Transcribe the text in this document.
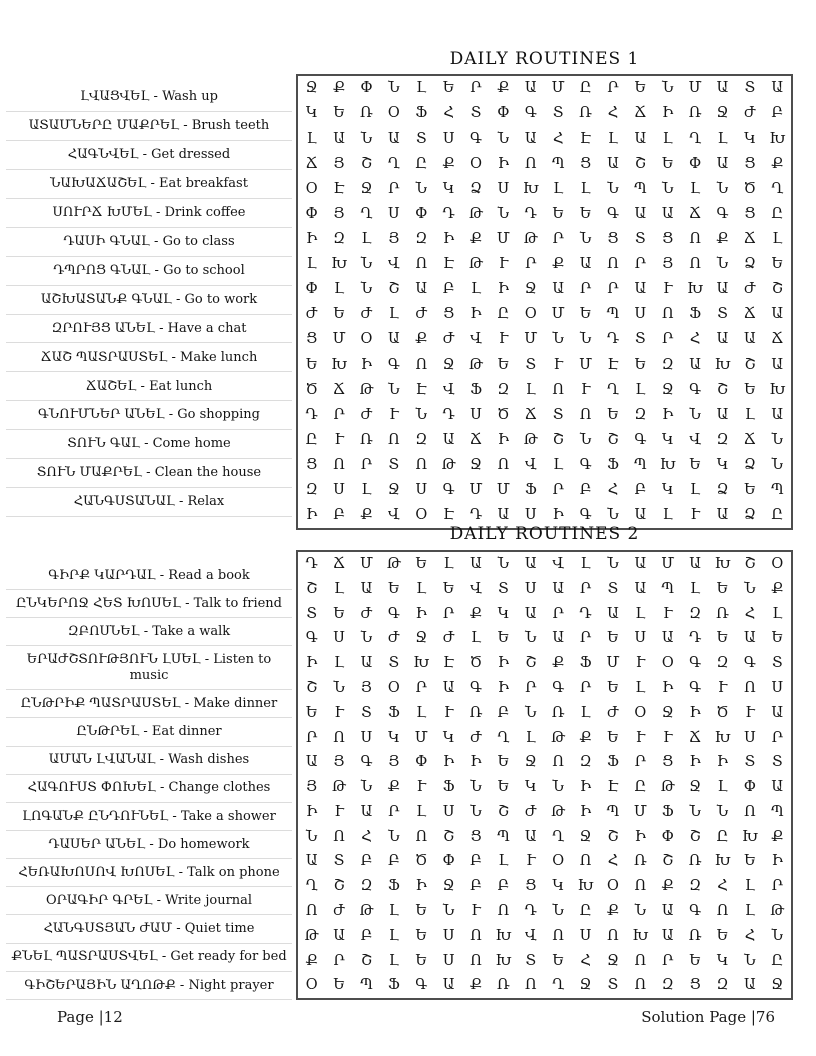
DAILY ROUTINES 1
ԼՎԱՑՎԵԼ - Wash up
ԱՏԱՄՆԵՐԸ ՄԱՔՐԵԼ - Brush teeth
ՀԱԳՆՎԵԼ - Get dressed
ՆԱԽԱՃԱՇԵԼ - Eat breakfast
ՍՈՒՐՃ ԽՄԵԼ - Drink coffee
ԴԱՍԻ ԳՆԱԼ - Go to class
ԴՊՐՈՑ ԳՆԱԼ - Go to school
ԱՇԽԱՏԱՆՔ ԳՆԱԼ - Go to work
ԶՐՈՒՅՑ ԱՆԵԼ - Have a chat
ՃԱՇ ՊԱՏՐԱՍՏԵԼ - Make lunch
ՃԱՇԵԼ - Eat lunch
ԳՆՈՒՄՆԵՐ ԱՆԵԼ - Go shopping
ՏՈՒՆ ԳԱԼ - Come home
ՏՈՒՆ ՄԱՔՐԵԼ - Clean the house
ՀԱՆԳՍՏԱՆԱԼ - Relax
Ջ	Ք	Փ	Ն	Լ	Ե	Ր	Ք	Ա	Մ	Ը	Ր	Ե	Ն	Մ	Ա	Տ	Ա
Կ	Ե	Ռ	Օ	Ֆ	Հ	Տ	Փ	Գ	Տ	Ռ	Հ	Ճ	Ի	Ռ	Ջ	Ժ	Բ
Լ	Ա	Ն	Ա	Տ	Ս	Գ	Ն	Ա	Հ	Է	Լ	Ա	Լ	Ղ	Լ	Կ Խ
Ճ	Յ	Շ	Ղ	Ը	Ք	Օ	Ի	Ո	Պ	Ց	Ա	Շ	Ե	Փ	Ա	Ց	Ք
Օ	Է	Ջ	Ր	Ն	Կ	Ձ	Ս Խ Լ	Լ	Ն	Պ	Ն	Լ	Ն	Ծ	Ղ
Փ	Յ	Ղ	Ս	Փ	Դ Թ	Ն	Դ	Ե	Ե	Գ	Ա	Ա	Ճ	Գ	Ց	Ը
Ի	Զ	Լ	Յ	Զ	Ի	Ք	Մ Թ	Ր	Ն	Ց	Տ	Ց	Ո	Ք	Ճ	Լ
Լ Խ Ն	Վ	Ո	Է	Թ	Ւ	Ր	Ք	Ա	Ո	Ր	Յ	Ո	Ն	Ձ	Ե
Փ	Լ	Ն	Շ	Ա	Բ	Լ	Ի	Ջ	Ա	Ր	Ր	Ա	Ւ	Խ Ա	Ժ	Շ
Ժ	Ե	Ժ	Լ	Ժ	Ց	Ի	Ը	Օ	Մ	Ե	Պ	Ս	Ո	Ֆ	Տ	Ճ	Ա
Ց	Մ	Օ	Ա	Ք	Ժ	Վ	Ւ	Մ	Ն	Ն	Դ	Տ	Ր	Հ	Ա	Ա	Ճ
Ե Խ Ի	Գ	Ո	Ջ Թ	Ե	Տ	Ւ	Մ	Է	Ե	Զ	Ա Խ Շ	Ա
Ծ	Ճ Թ	Ն	Է	Վ	Ֆ	Զ	Լ	Ո	Ւ	Ղ	Լ	Ջ	Գ	Շ	Ե Խ
Դ	Ր	Ժ	Ւ	Ն	Դ	Ս	Ծ	Ճ	Տ	Ո	Ե	Զ	Ի	Ն	Ա	Լ	Ա
Ը	Ւ	Ռ	Ո	Զ	Ա	Ճ	Ի	Թ	Շ	Ն	Շ	Գ	Կ	Վ	Զ	Ճ	Ն
Ց	Ո	Ր	Տ	Ո	Թ Ջ	Ո	Վ	Լ	Գ	Ֆ	Պ Խ Ե	Կ	Ձ	Ն
Զ	Ս	Լ	Ջ	Ս	Գ	Մ Մ	Ֆ	Ր	Բ	Հ	Բ	Կ	Լ	Ձ	Ե	Պ
Ի	Բ	Ք	Վ	Օ	Է	Դ	Ա	Ս	Ի	Գ	Ն	Ա	Լ	Ւ	Ա	Ձ	Ը
DAILY ROUTINES 2
ԳԻՐՔ ԿԱՐԴԱԼ - Read a book
ԸՆԿԵՐՈՋ ՀԵՏ ԽՈՍԵԼ - Talk to friend
ԶԲՈՍՆԵԼ - Take a walk
ԵՐԱԺՇՏՈՒԹՅՈՒՆ ԼՍԵԼ - Listen to music
ԸՆԹՐԻՔ ՊԱՏՐԱՍՏԵԼ - Make dinner
ԸՆԹՐԵԼ - Eat dinner
ԱՄԱՆ ԼՎԱՆԱԼ - Wash dishes
ՀԱԳՈՒՍՏ ՓՈԽԵԼ - Change clothes
ԼՈԳԱՆՔ ԸՆԴՈՒՆԵԼ - Take a shower
ԴԱՍԵՐ ԱՆԵԼ - Do homework
ՀԵՌԱԽՈՍՈՎ ԽՈՍԵԼ - Talk on phone
ՕՐԱԳԻՐ ԳՐԵԼ - Write journal
ՀԱՆԳՍՏՅԱՆ ԺԱՄ - Quiet time
ՔՆԵԼ ՊԱՏՐԱՍՏՎԵԼ - Get ready for bed
ԳԻՇԵՐԱՅԻՆ ԱՂՈԹՔ - Night prayer
Դ	Ճ	Մ Թ	Ե	Լ	Ա	Ն	Ա	Վ	Լ	Ն	Ա	Մ	Ա Խ Շ	Օ
Շ	Լ	Ա	Ե	Լ	Ե	Վ	Տ	Ս	Ա	Ր	Տ	Ա	Պ	Լ	Ե	Ն	Ք
Տ	Ե	Ժ	Գ	Ի	Ր	Ք	Կ	Ա	Ր	Դ	Ա	Լ	Ւ	Զ	Ռ	Հ	Լ
Գ	Ս	Ն	Ժ	Ջ	Ժ	Լ	Ե	Ն	Ա	Ր	Ե	Ս	Ա	Դ	Ե	Ա	Ե
Ի	Լ	Ա	Տ Խ Է	Ծ	Ի	Շ	Ք	Ֆ	Մ	Ւ	Օ	Գ	Զ	Գ	Տ
Շ	Ն	Յ	Օ	Ր	Ա	Գ	Ի	Ր	Գ	Ր	Ե	Լ	Ի	Գ	Ւ	Ո	Ս
Ե	Ւ	Տ	Ֆ	Լ	Ւ	Ռ	Բ	Ն	Ռ	Լ	Ժ	Օ	Ջ	Ի	Ծ	Ւ	Ա
Ր	Ո	Ս	Կ	Մ	Կ	Ժ	Ղ	Լ	Թ Ք	Ե	Ւ	Ւ	Ճ Խ Ս	Ր
Ա	Յ	Գ	Յ	Փ	Ի	Ի	Ե	Ջ	Ո	Զ	Ֆ	Ր	Ց	Ի	Ի	Տ	Տ
Յ	Թ	Ն	Ք	Ւ	Ֆ	Ն	Ե	Կ	Ն	Ի	Է	Ը Թ Ջ	Լ	Փ	Ա
Ի	Ւ	Ա	Ր	Լ	Ս	Ն	Շ	Ժ Թ	Ի	Պ	Մ	Ֆ	Ն	Ն	Ո	Պ
Ն	Ո	Հ	Ն	Ո	Շ	Ց	Պ	Ա	Ղ	Ջ	Շ	Ի	Փ	Շ	Ը Խ Ք
Ա	Տ	Բ	Բ	Ծ	Փ	Բ	Լ	Ւ	Օ	Ո	Հ	Ռ	Շ	Ռ Խ Ե	Ի
Ղ	Շ	Զ	Ֆ	Ի	Ջ	Բ	Բ	Ց	Կ Խ Օ	Ո	Ք	Զ	Հ	Լ	Ր
Ո	Ժ Թ	Լ	Ե	Ն	Ւ	Ո	Դ	Ն	Ը	Ք	Ն	Ա	Գ	Ո	Լ	Թ
Թ Ա	Բ	Լ	Ե	Ս	Ո Խ Վ	Ո	Ս	Ո Խ Ա	Ռ	Ե	Հ	Ն
Ք	Ր	Շ	Լ	Ե	Ս	Ո Խ Տ	Ե	Հ	Ջ	Ո	Ր	Ե	Կ	Ն	Ը
Օ	Ե	Պ	Ֆ	Գ	Ա	Ք	Ռ	Ո	Ղ	Ջ	Տ	Ո	Զ	Ց	Զ	Ա	Ջ
Page |12	Solution Page |76
